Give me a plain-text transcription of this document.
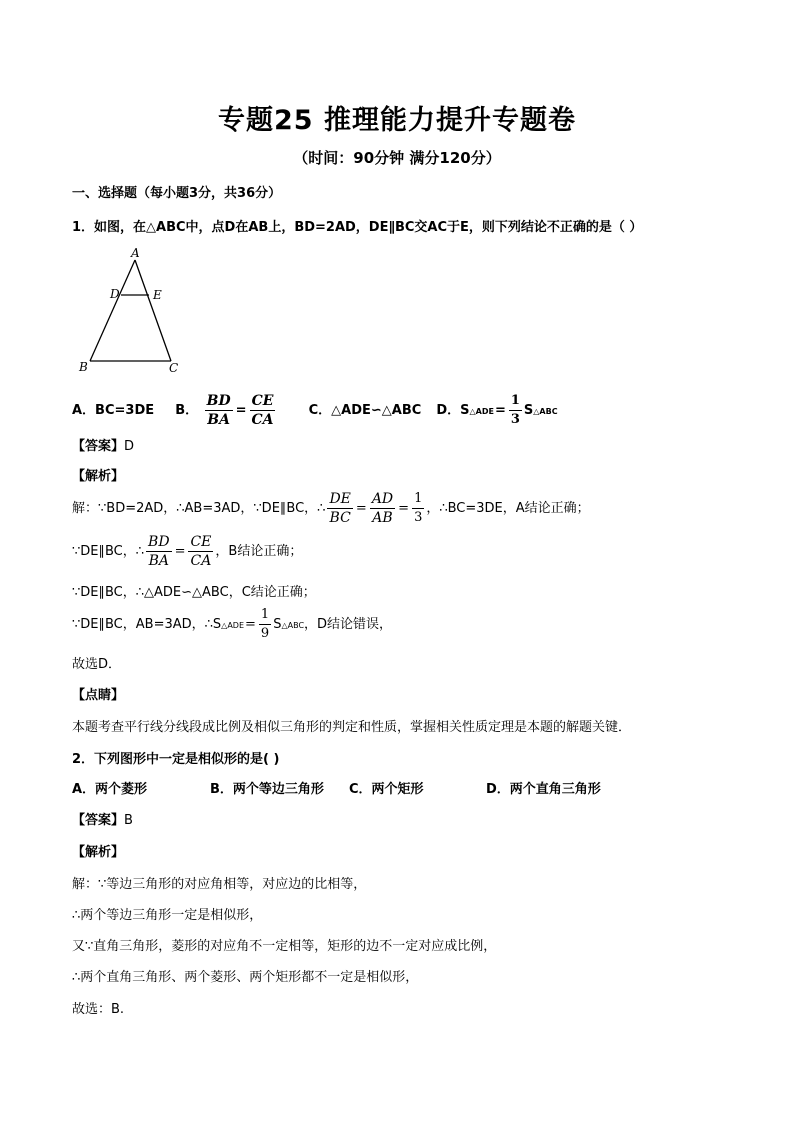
专题25 推理能力提升专题卷
（时间：90分钟 满分120分）
一、选择题（每小题3分，共36分）
1．如图，在△ABC中，点D在AB上，BD=2AD，DE∥BC交AC于E，则下列结论不正确的是（ ）
A
D	E
B	C
A．BC=3DE B． $\frac{BD}{BA} = \frac{CE}{CA}$	C．△ADE∽△ABC D．S△ADE= $\frac{1}{3}$ S△ABC
【答案】D
【解析】
解：∵BD=2AD，∴AB=3AD，∵DE∥BC，∴ $\frac{DE}{BC} = \frac{AD}{AB} = \frac{1}{3}$ ，∴BC=3DE，A结论正确；
∵DE∥BC，∴ $\frac{BD}{BA} = \frac{CE}{CA}$ ，B结论正确；
∵DE∥BC，∴△ADE∽△ABC，C结论正确；
∵DE∥BC，AB=3AD，∴S△ADE= $\frac{1}{9}$ S△ABC，D结论错误，
故选D．
【点睛】
本题考查平行线分线段成比例及相似三角形的判定和性质，掌握相关性质定理是本题的解题关键．
2．下列图形中一定是相似形的是( )
A．两个菱形	B．两个等边三角形 C．两个矩形	D．两个直角三角形
【答案】B
【解析】
解：∵等边三角形的对应角相等，对应边的比相等，
∴两个等边三角形一定是相似形，
又∵直角三角形，菱形的对应角不一定相等，矩形的边不一定对应成比例，
∴两个直角三角形、两个菱形、两个矩形都不一定是相似形，
故选：B.
